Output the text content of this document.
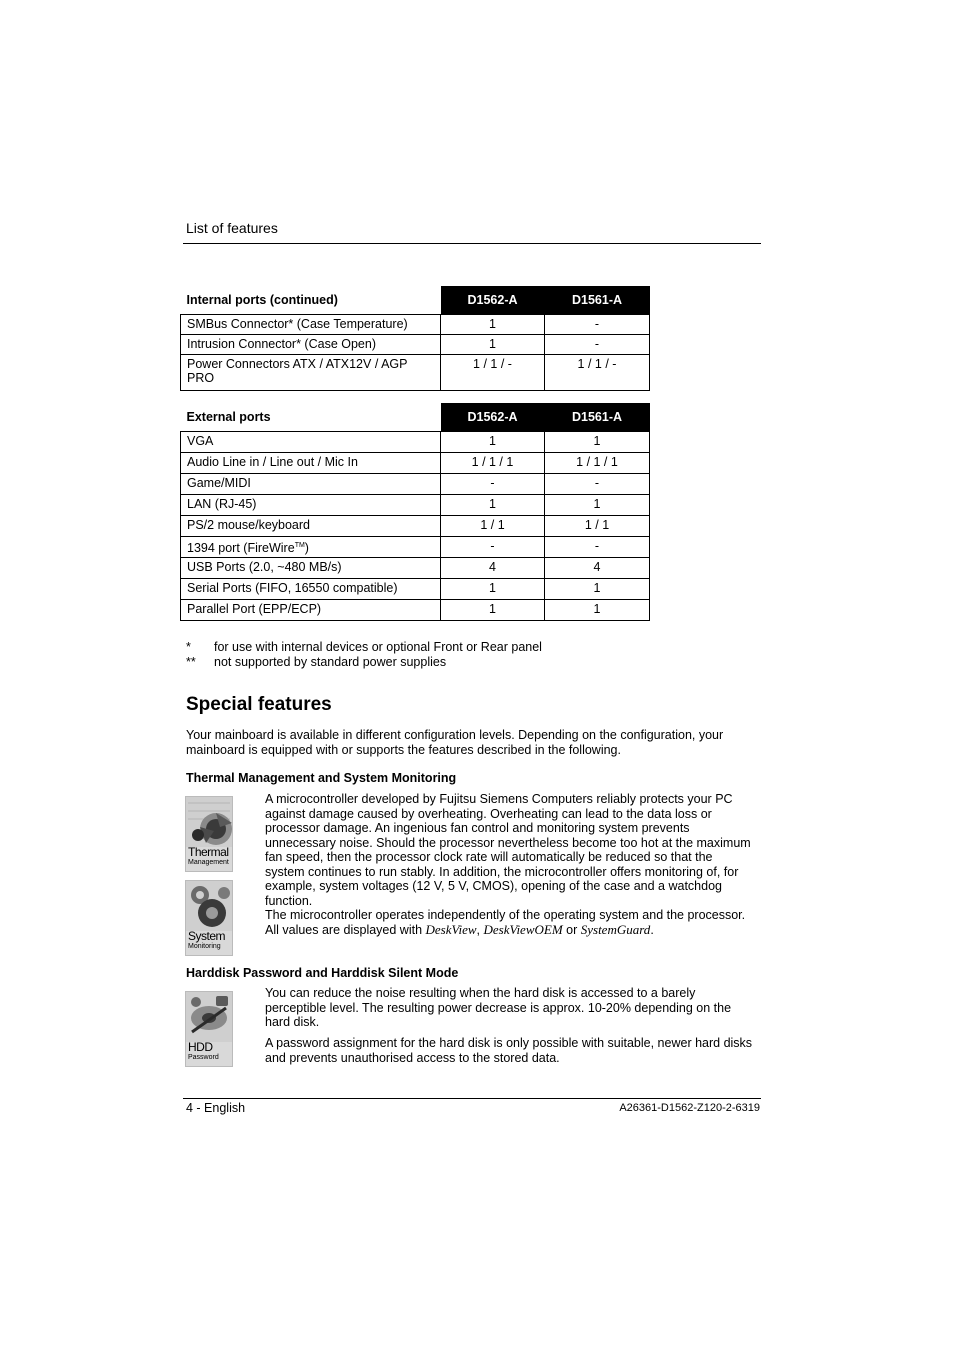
List of features
Internal ports (continued)	D1562-A	D1561-A
SMBus Connector* (Case Temperature)	1	-
Intrusion Connector* (Case Open)	1	-
Power Connectors ATX / ATX12V / AGP PRO	1 / 1 / -	1 / 1 / -
External ports	D1562-A	D1561-A
VGA	1	1
Audio Line in / Line out / Mic In	1 / 1 / 1	1 / 1 / 1
Game/MIDI	-	-
LAN (RJ-45)	1	1
PS/2 mouse/keyboard	1 / 1	1 / 1
1394 port (FireWire™)	-	-
USB Ports (2.0, ~480 MB/s)	4	4
Serial Ports (FIFO, 16550 compatible)	1	1
Parallel Port (EPP/ECP)	1	1
* for use with internal devices or optional Front or Rear panel
** not supported by standard power supplies
Special features
Your mainboard is available in different configuration levels. Depending on the configuration, your mainboard is equipped with or supports the features described in the following.
Thermal Management and System Monitoring
Thermal
Management
System
Monitoring
A microcontroller developed by Fujitsu Siemens Computers reliably protects your PC against damage caused by overheating. Overheating can lead to the data loss or processor damage. An ingenious fan control and monitoring system prevents unnecessary noise. Should the processor nevertheless become too hot at the maximum fan speed, then the processor clock rate will automatically be reduced so that the system continues to run stably. In addition, the microcontroller offers monitoring of, for example, system voltages (12 V, 5 V, CMOS), opening of the case and a watchdog function.
The microcontroller operates independently of the operating system and the processor. All values are displayed with DeskView, DeskViewOEM or SystemGuard.
Harddisk Password and Harddisk Silent Mode
HDD
Password
You can reduce the noise resulting when the hard disk is accessed to a barely perceptible level. The resulting power decrease is approx. 10-20% depending on the hard disk.
A password assignment for the hard disk is only possible with suitable, newer hard disks and prevents unauthorised access to the stored data.
4 - English	A26361-D1562-Z120-2-6319
